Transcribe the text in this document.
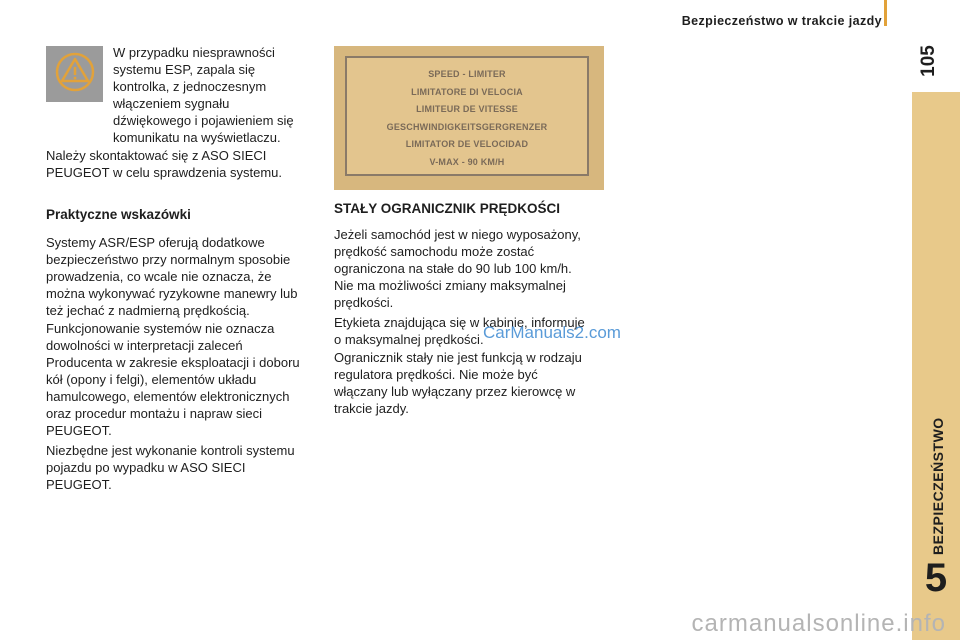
Bezpieczeństwo w trakcie jazdy
105
BEZPIECZEŃSTWO
5

W przypadku niesprawności
systemu ESP, zapala się
kontrolka, z jednoczesnym
włączeniem sygnału
dźwiękowego i pojawieniem się
komunikatu na wyświetlaczu.

Należy skontaktować się z ASO SIECI
PEUGEOT w celu sprawdzenia systemu.

Praktyczne wskazówki

Systemy ASR/ESP oferują dodatkowe
bezpieczeństwo przy normalnym sposobie
prowadzenia, co wcale nie oznacza, że
można wykonywać ryzykowne manewry lub
też jechać z nadmierną prędkością.

Funkcjonowanie systemów nie oznacza
dowolności w interpretacji zaleceń
Producenta w zakresie eksploatacji i doboru
kół (opony i felgi), elementów układu
hamulcowego, elementów elektronicznych
oraz procedur montażu i napraw sieci
PEUGEOT.

Niezbędne jest wykonanie kontroli systemu
pojazdu po wypadku w ASO SIECI
PEUGEOT.

SPEED - LIMITER
LIMITATORE DI VELOCIA
LIMITEUR DE VITESSE
GESCHWINDIGKEITSGERGRENZER
LIMITATOR DE VELOCIDAD
V-MAX - 90 KM/H
STAŁY OGRANICZNIK PRĘDKOŚCI

Jeżeli samochód jest w niego wyposażony,
prędkość samochodu może zostać
ograniczona na stałe do 90 lub 100 km/h.
Nie ma możliwości zmiany maksymalnej
prędkości.

Etykieta znajdująca się w kabinie, informuje
o maksymalnej prędkości.

Ogranicznik stały nie jest funkcją w rodzaju
regulatora prędkości. Nie może być
włączany lub wyłączany przez kierowcę w
trakcie jazdy.

CarManuals2.com
carmanualsonline.info
